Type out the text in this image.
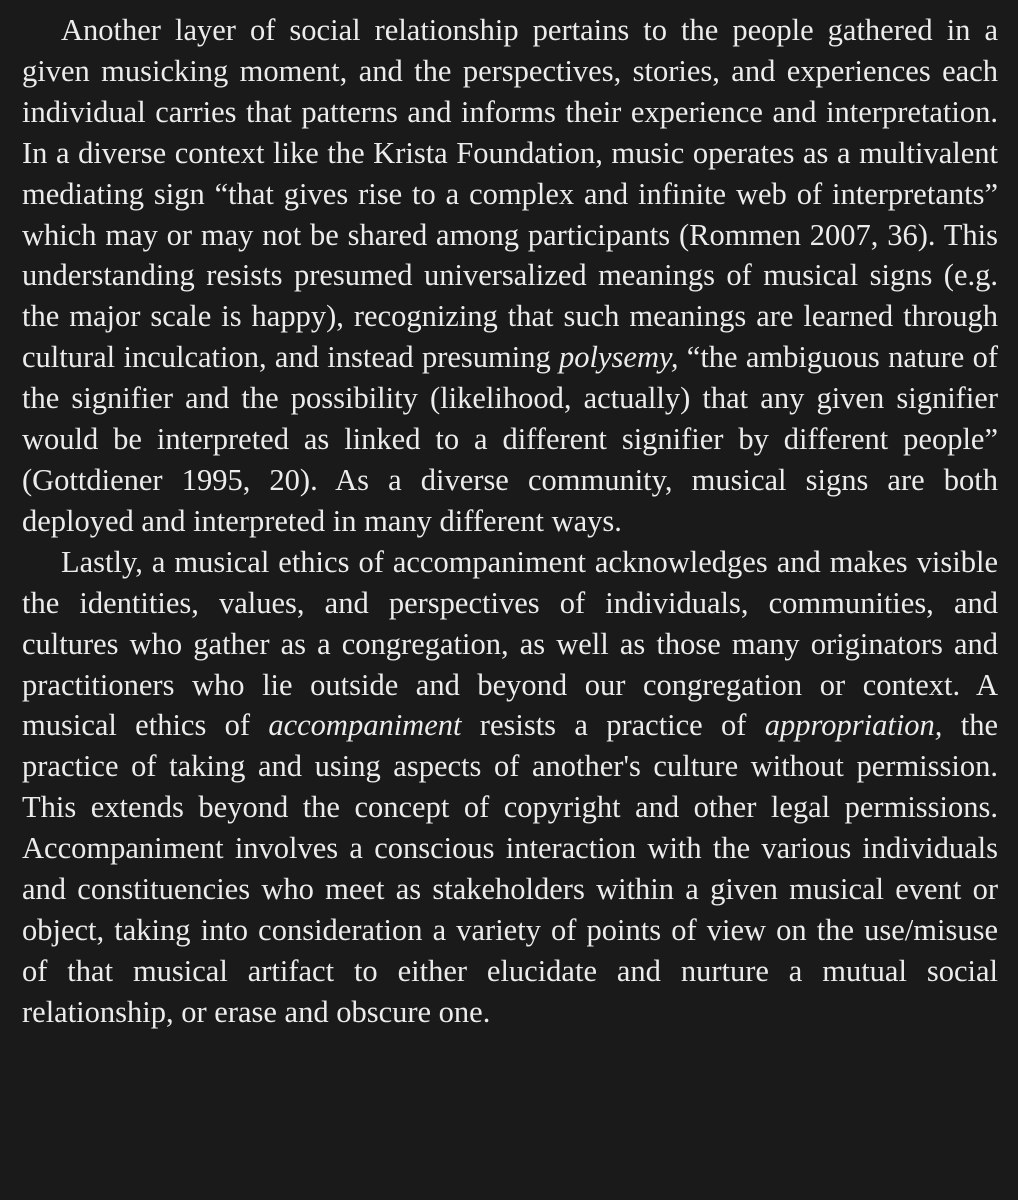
Another layer of social relationship pertains to the people gathered in a given musicking moment, and the perspectives, stories, and experiences each individual carries that patterns and informs their experience and interpretation. In a diverse context like the Krista Foundation, music operates as a multivalent mediating sign “that gives rise to a complex and infinite web of interpretants” which may or may not be shared among participants (Rommen 2007, 36). This understanding resists presumed universalized meanings of musical signs (e.g. the major scale is happy), recognizing that such meanings are learned through cultural inculcation, and instead presuming polysemy, “the ambiguous nature of the signifier and the possibility (likelihood, actually) that any given signifier would be interpreted as linked to a different signifier by different people” (Gottdiener 1995, 20). As a diverse community, musical signs are both deployed and interpreted in many different ways.

Lastly, a musical ethics of accompaniment acknowledges and makes visible the identities, values, and perspectives of individuals, communities, and cultures who gather as a congregation, as well as those many originators and practitioners who lie outside and beyond our congregation or context. A musical ethics of accompaniment resists a practice of appropriation, the practice of taking and using aspects of another's culture without permission. This extends beyond the concept of copyright and other legal permissions. Accompaniment involves a conscious interaction with the various individuals and constituencies who meet as stakeholders within a given musical event or object, taking into consideration a variety of points of view on the use/misuse of that musical artifact to either elucidate and nurture a mutual social relationship, or erase and obscure one.
